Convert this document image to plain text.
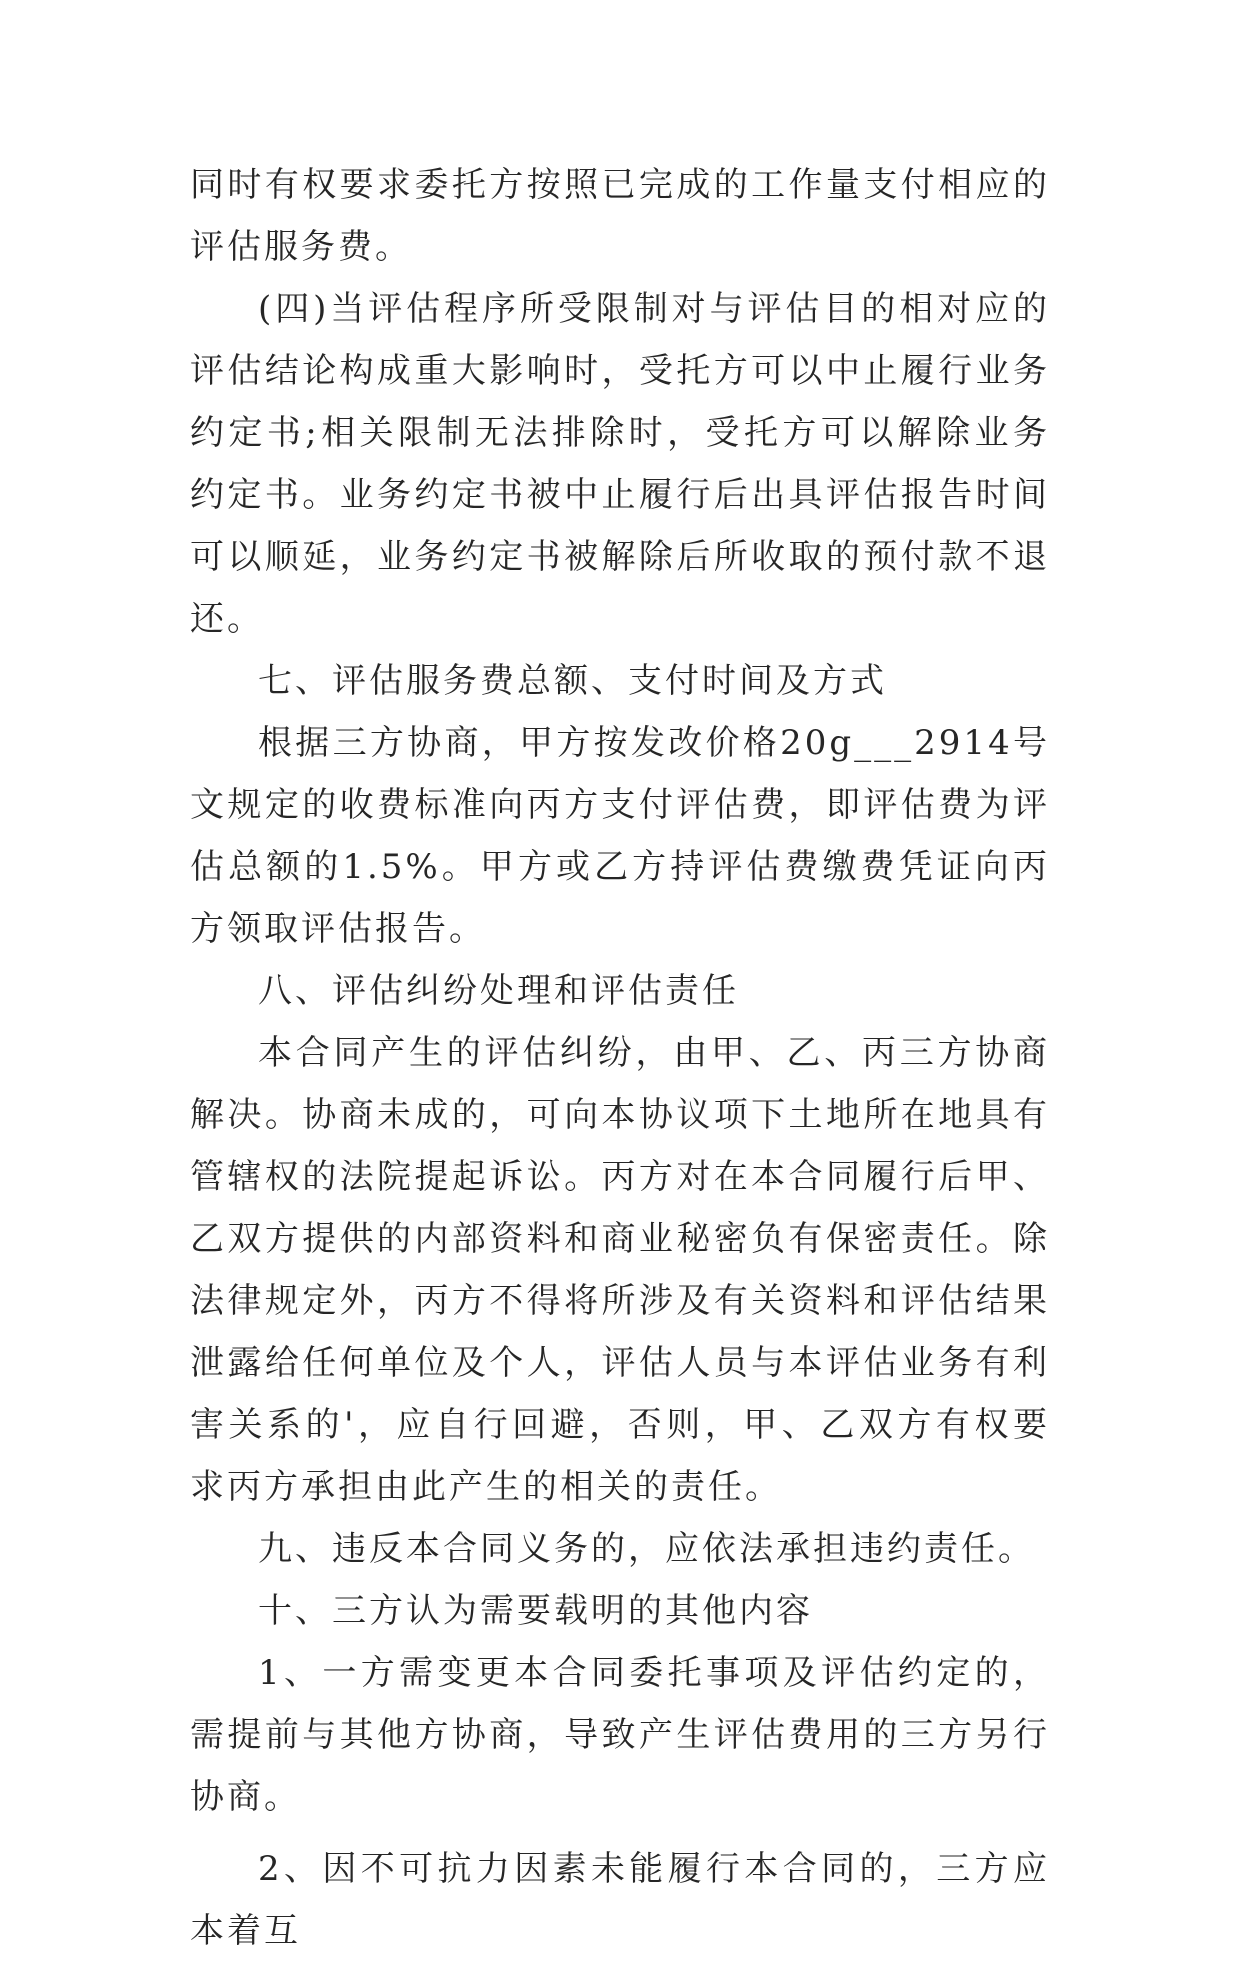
同时有权要求委托方按照已完成的工作量支付相应的评估服务费。

(四)当评估程序所受限制对与评估目的相对应的评估结论构成重大影响时，受托方可以中止履行业务约定书;相关限制无法排除时，受托方可以解除业务约定书。业务约定书被中止履行后出具评估报告时间可以顺延，业务约定书被解除后所收取的预付款不退还。

七、评估服务费总额、支付时间及方式

根据三方协商，甲方按发改价格20g___2914号文规定的收费标准向丙方支付评估费，即评估费为评估总额的1.5%。甲方或乙方持评估费缴费凭证向丙方领取评估报告。

八、评估纠纷处理和评估责任

本合同产生的评估纠纷，由甲、乙、丙三方协商解决。协商未成的，可向本协议项下土地所在地具有管辖权的法院提起诉讼。丙方对在本合同履行后甲、乙双方提供的内部资料和商业秘密负有保密责任。除法律规定外，丙方不得将所涉及有关资料和评估结果泄露给任何单位及个人，评估人员与本评估业务有利害关系的'，应自行回避，否则，甲、乙双方有权要求丙方承担由此产生的相关的责任。

九、违反本合同义务的，应依法承担违约责任。

十、三方认为需要载明的其他内容

1、一方需变更本合同委托事项及评估约定的，需提前与其他方协商，导致产生评估费用的三方另行协商。

2、因不可抗力因素未能履行本合同的，三方应本着互
